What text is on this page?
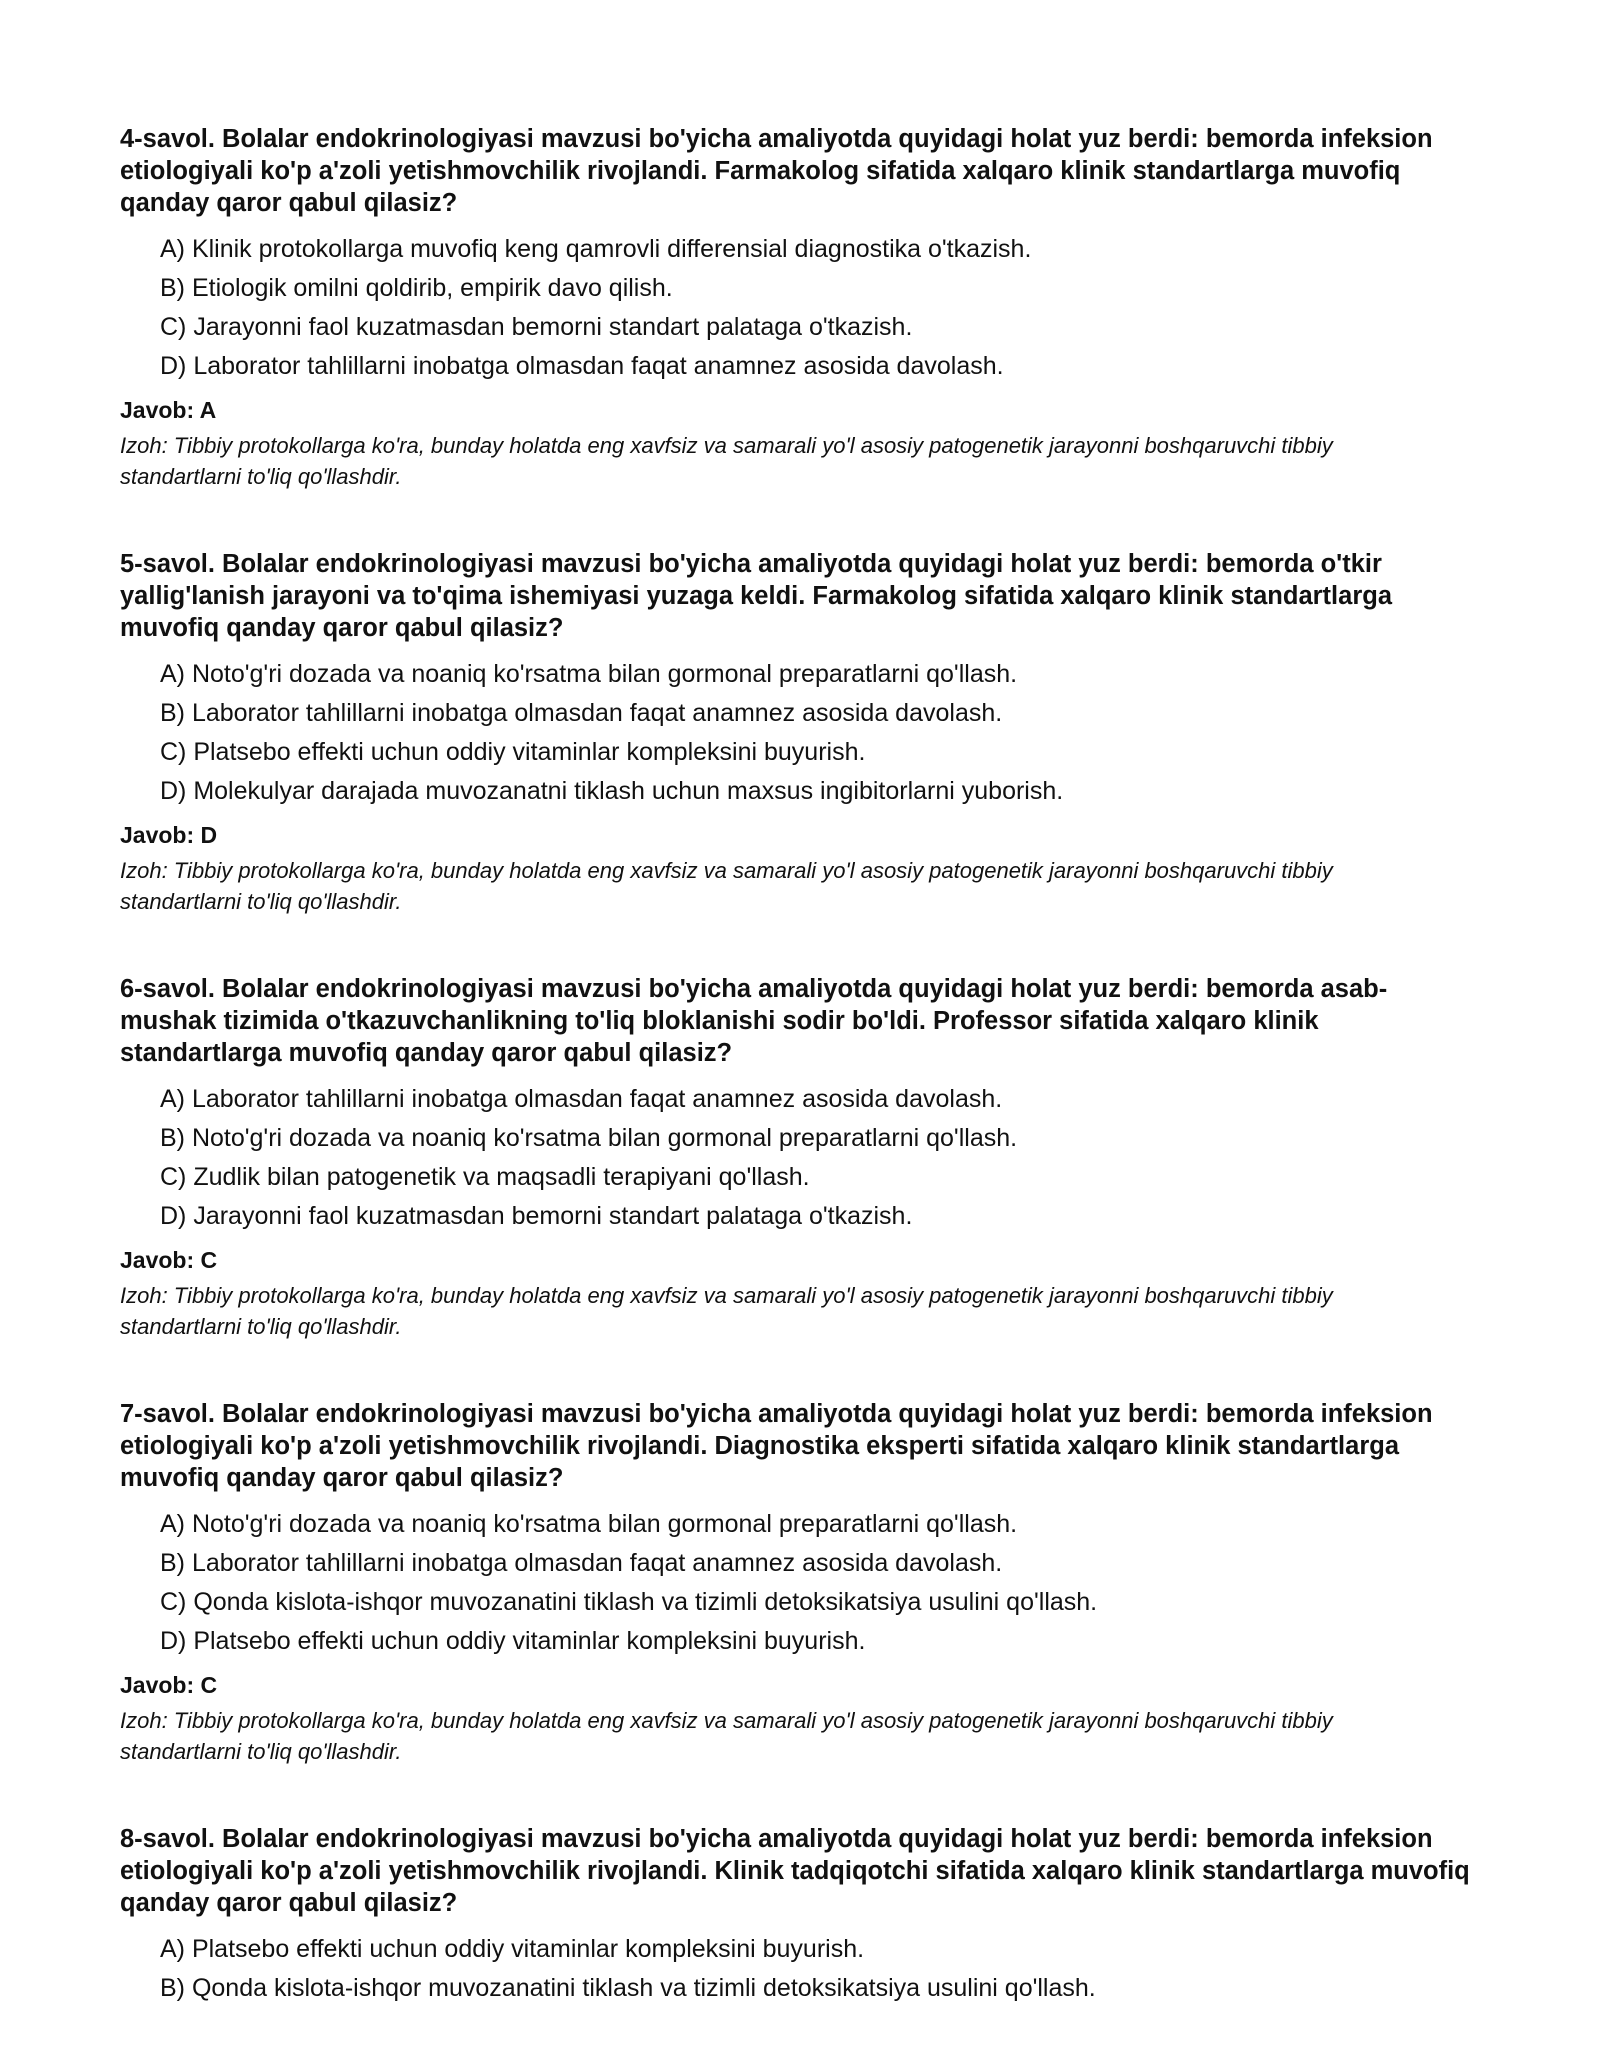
4-savol. Bolalar endokrinologiyasi mavzusi bo'yicha amaliyotda quyidagi holat yuz berdi: bemorda infeksion etiologiyali ko'p a'zoli yetishmovchilik rivojlandi. Farmakolog sifatida xalqaro klinik standartlarga muvofiq qanday qaror qabul qilasiz?
A) Klinik protokollarga muvofiq keng qamrovli differensial diagnostika o'tkazish.
B) Etiologik omilni qoldirib, empirik davo qilish.
C) Jarayonni faol kuzatmasdan bemorni standart palataga o'tkazish.
D) Laborator tahlillarni inobatga olmasdan faqat anamnez asosida davolash.
Javob: A
Izoh: Tibbiy protokollarga ko'ra, bunday holatda eng xavfsiz va samarali yo'l asosiy patogenetik jarayonni boshqaruvchi tibbiy standartlarni to'liq qo'llashdir.
5-savol. Bolalar endokrinologiyasi mavzusi bo'yicha amaliyotda quyidagi holat yuz berdi: bemorda o'tkir yallig'lanish jarayoni va to'qima ishemiyasi yuzaga keldi. Farmakolog sifatida xalqaro klinik standartlarga muvofiq qanday qaror qabul qilasiz?
A) Noto'g'ri dozada va noaniq ko'rsatma bilan gormonal preparatlarni qo'llash.
B) Laborator tahlillarni inobatga olmasdan faqat anamnez asosida davolash.
C) Platsebo effekti uchun oddiy vitaminlar kompleksini buyurish.
D) Molekulyar darajada muvozanatni tiklash uchun maxsus ingibitorlarni yuborish.
Javob: D
Izoh: Tibbiy protokollarga ko'ra, bunday holatda eng xavfsiz va samarali yo'l asosiy patogenetik jarayonni boshqaruvchi tibbiy standartlarni to'liq qo'llashdir.
6-savol. Bolalar endokrinologiyasi mavzusi bo'yicha amaliyotda quyidagi holat yuz berdi: bemorda asab-mushak tizimida o'tkazuvchanlikning to'liq bloklanishi sodir bo'ldi. Professor sifatida xalqaro klinik standartlarga muvofiq qanday qaror qabul qilasiz?
A) Laborator tahlillarni inobatga olmasdan faqat anamnez asosida davolash.
B) Noto'g'ri dozada va noaniq ko'rsatma bilan gormonal preparatlarni qo'llash.
C) Zudlik bilan patogenetik va maqsadli terapiyani qo'llash.
D) Jarayonni faol kuzatmasdan bemorni standart palataga o'tkazish.
Javob: C
Izoh: Tibbiy protokollarga ko'ra, bunday holatda eng xavfsiz va samarali yo'l asosiy patogenetik jarayonni boshqaruvchi tibbiy standartlarni to'liq qo'llashdir.
7-savol. Bolalar endokrinologiyasi mavzusi bo'yicha amaliyotda quyidagi holat yuz berdi: bemorda infeksion etiologiyali ko'p a'zoli yetishmovchilik rivojlandi. Diagnostika eksperti sifatida xalqaro klinik standartlarga muvofiq qanday qaror qabul qilasiz?
A) Noto'g'ri dozada va noaniq ko'rsatma bilan gormonal preparatlarni qo'llash.
B) Laborator tahlillarni inobatga olmasdan faqat anamnez asosida davolash.
C) Qonda kislota-ishqor muvozanatini tiklash va tizimli detoksikatsiya usulini qo'llash.
D) Platsebo effekti uchun oddiy vitaminlar kompleksini buyurish.
Javob: C
Izoh: Tibbiy protokollarga ko'ra, bunday holatda eng xavfsiz va samarali yo'l asosiy patogenetik jarayonni boshqaruvchi tibbiy standartlarni to'liq qo'llashdir.
8-savol. Bolalar endokrinologiyasi mavzusi bo'yicha amaliyotda quyidagi holat yuz berdi: bemorda infeksion etiologiyali ko'p a'zoli yetishmovchilik rivojlandi. Klinik tadqiqotchi sifatida xalqaro klinik standartlarga muvofiq qanday qaror qabul qilasiz?
A) Platsebo effekti uchun oddiy vitaminlar kompleksini buyurish.
B) Qonda kislota-ishqor muvozanatini tiklash va tizimli detoksikatsiya usulini qo'llash.
